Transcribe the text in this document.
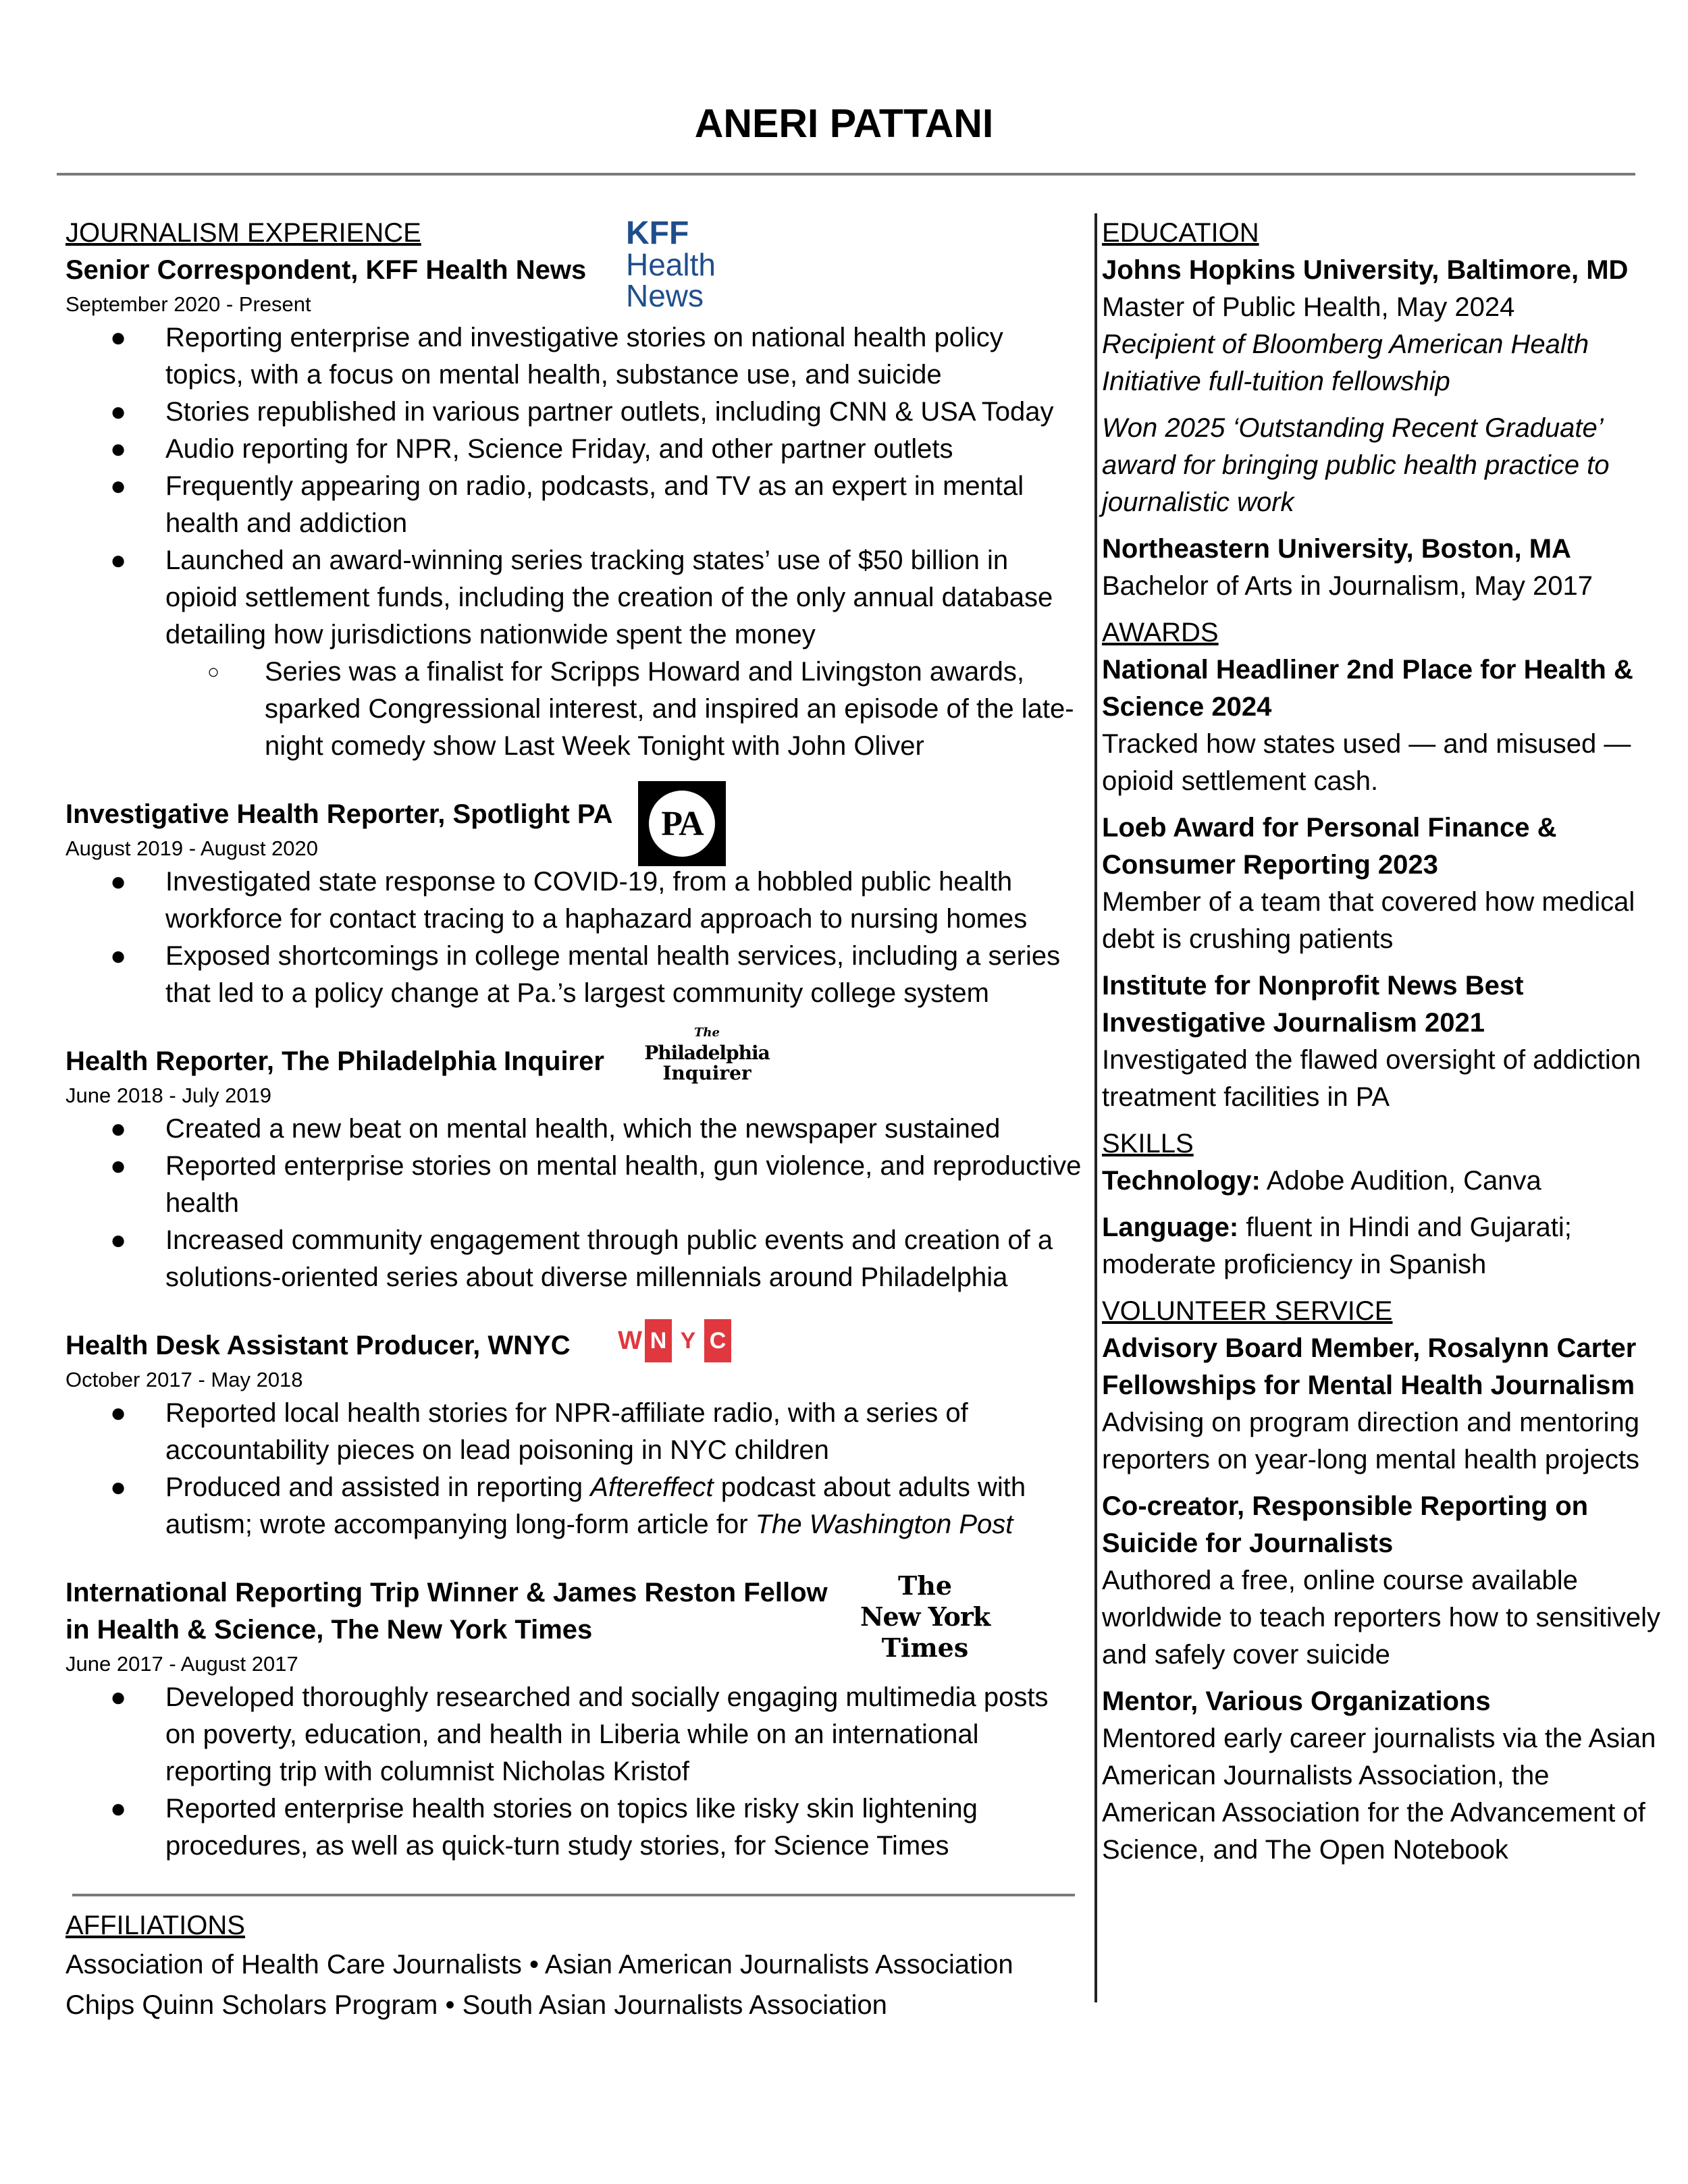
ANERI PATTANI
JOURNALISM EXPERIENCE
Senior Correspondent, KFF Health News
September 2020 - Present
KFF
Health
News
● Reporting enterprise and investigative stories on national health policy topics, with a focus on mental health, substance use, and suicide
● Stories republished in various partner outlets, including CNN & USA Today
● Audio reporting for NPR, Science Friday, and other partner outlets
● Frequently appearing on radio, podcasts, and TV as an expert in mental health and addiction
● Launched an award-winning series tracking states’ use of $50 billion in opioid settlement funds, including the creation of the only annual database detailing how jurisdictions nationwide spent the money
○ Series was a finalist for Scripps Howard and Livingston awards, sparked Congressional interest, and inspired an episode of the late-night comedy show Last Week Tonight with John Oliver
Investigative Health Reporter, Spotlight PA
August 2019 - August 2020
PA
● Investigated state response to COVID-19, from a hobbled public health workforce for contact tracing to a haphazard approach to nursing homes
● Exposed shortcomings in college mental health services, including a series that led to a policy change at Pa.’s largest community college system
Health Reporter, The Philadelphia Inquirer
June 2018 - July 2019
The
Philadelphia
Inquirer
● Created a new beat on mental health, which the newspaper sustained
● Reported enterprise stories on mental health, gun violence, and reproductive health
● Increased community engagement through public events and creation of a solutions-oriented series about diverse millennials around Philadelphia
Health Desk Assistant Producer, WNYC
October 2017 - May 2018
W N Y C
● Reported local health stories for NPR-affiliate radio, with a series of accountability pieces on lead poisoning in NYC children
● Produced and assisted in reporting Aftereffect podcast about adults with autism; wrote accompanying long-form article for The Washington Post
International Reporting Trip Winner & James Reston Fellow
in Health & Science, The New York Times
June 2017 - August 2017
The
New York
Times
● Developed thoroughly researched and socially engaging multimedia posts on poverty, education, and health in Liberia while on an international reporting trip with columnist Nicholas Kristof
● Reported enterprise health stories on topics like risky skin lightening procedures, as well as quick-turn study stories, for Science Times
AFFILIATIONS
Association of Health Care Journalists • Asian American Journalists Association
Chips Quinn Scholars Program • South Asian Journalists Association
EDUCATION
Johns Hopkins University, Baltimore, MD
Master of Public Health, May 2024
Recipient of Bloomberg American Health Initiative full-tuition fellowship
Won 2025 ‘Outstanding Recent Graduate’ award for bringing public health practice to journalistic work
Northeastern University, Boston, MA
Bachelor of Arts in Journalism, May 2017
AWARDS
National Headliner 2nd Place for Health & Science 2024
Tracked how states used — and misused — opioid settlement cash.
Loeb Award for Personal Finance & Consumer Reporting 2023
Member of a team that covered how medical debt is crushing patients
Institute for Nonprofit News Best Investigative Journalism 2021
Investigated the flawed oversight of addiction treatment facilities in PA
SKILLS
Technology: Adobe Audition, Canva
Language: fluent in Hindi and Gujarati; moderate proficiency in Spanish
VOLUNTEER SERVICE
Advisory Board Member, Rosalynn Carter Fellowships for Mental Health Journalism
Advising on program direction and mentoring reporters on year-long mental health projects
Co-creator, Responsible Reporting on Suicide for Journalists
Authored a free, online course available worldwide to teach reporters how to sensitively and safely cover suicide
Mentor, Various Organizations
Mentored early career journalists via the Asian American Journalists Association, the American Association for the Advancement of Science, and The Open Notebook
